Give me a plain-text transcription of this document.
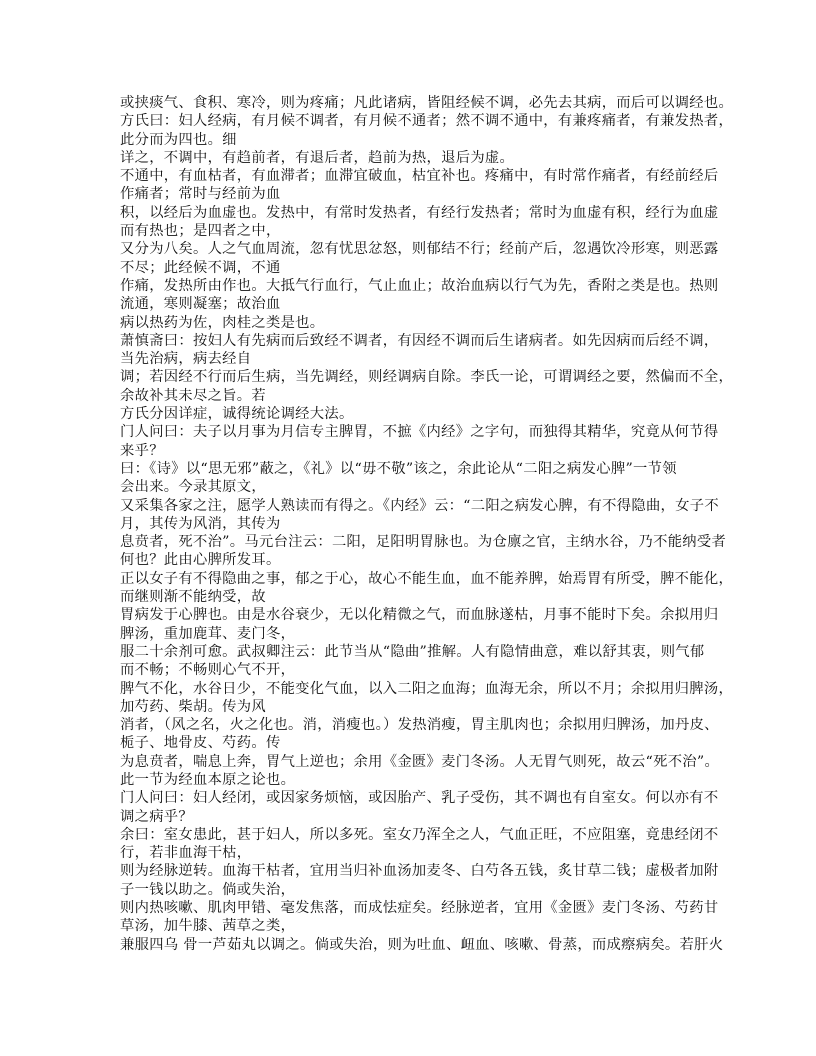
或挟痰气、食积、寒冷，则为疼痛；凡此诸病，皆阻经候不调，必先去其病，而后可以调经也。
方氏曰：妇人经病，有月候不调者，有月候不通者；然不调不通中，有兼疼痛者，有兼发热者，
此分而为四也。细
详之，不调中，有趋前者，有退后者，趋前为热，退后为虚。
不通中，有血枯者，有血滞者；血滞宜破血，枯宜补也。疼痛中，有时常作痛者，有经前经后
作痛者；常时与经前为血
积，以经后为血虚也。发热中，有常时发热者，有经行发热者；常时为血虚有积，经行为血虚
而有热也；是四者之中，
又分为八矣。人之气血周流，忽有忧思忿怒，则郁结不行；经前产后，忽遇饮冷形寒，则恶露
不尽；此经候不调，不通
作痛，发热所由作也。大抵气行血行，气止血止；故治血病以行气为先，香附之类是也。热则
流通，寒则凝塞；故治血
病以热药为佐，肉桂之类是也。
萧慎斋曰：按妇人有先病而后致经不调者，有因经不调而后生诸病者。如先因病而后经不调，
当先治病，病去经自
调；若因经不行而后生病，当先调经，则经调病自除。李氏一论，可谓调经之要，然偏而不全，
余故补其未尽之旨。若
方氏分因详症，诚得统论调经大法。
门人问曰：夫子以月事为月信专主脾胃，不摭《内经》之字句，而独得其精华，究竟从何节得
来乎？
曰：《诗》以“思无邪”蔽之，《礼》以“毋不敬”该之，余此论从“二阳之病发心脾”一节领
会出来。今录其原文，
又采集各家之注，愿学人熟读而有得之。《内经》云：“二阳之病发心脾，有不得隐曲，女子不
月，其传为风消，其传为
息贲者，死不治”。马元台注云：二阳，足阳明胃脉也。为仓廪之官，主纳水谷，乃不能纳受者
何也？此由心脾所发耳。
正以女子有不得隐曲之事，郁之于心，故心不能生血，血不能养脾，始焉胃有所受，脾不能化，
而继则渐不能纳受，故
胃病发于心脾也。由是水谷衰少，无以化精微之气，而血脉遂枯，月事不能时下矣。余拟用归
脾汤，重加鹿茸、麦门冬，
服二十余剂可愈。武叔卿注云：此节当从“隐曲”推解。人有隐情曲意，难以舒其衷，则气郁
而不畅；不畅则心气不开，
脾气不化，水谷日少，不能变化气血，以入二阳之血海；血海无余，所以不月；余拟用归脾汤，
加芍药、柴胡。传为风
消者，（风之名，火之化也。消，消瘦也。）发热消瘦，胃主肌肉也；余拟用归脾汤，加丹皮、
栀子、地骨皮、芍药。传
为息贲者，喘息上奔，胃气上逆也；余用《金匮》麦门冬汤。人无胃气则死，故云“死不治”。
此一节为经血本原之论也。
门人问曰：妇人经闭，或因家务烦恼，或因胎产、乳子受伤，其不调也有自室女。何以亦有不
调之病乎？
余曰：室女患此，甚于妇人，所以多死。室女乃浑全之人，气血正旺，不应阻塞，竟患经闭不
行，若非血海干枯，
则为经脉逆转。血海干枯者，宜用当归补血汤加麦冬、白芍各五钱，炙甘草二钱；虚极者加附
子一钱以助之。倘或失治，
则内热咳嗽、肌肉甲错、毫发焦落，而成怯症矣。经脉逆者，宜用《金匮》麦门冬汤、芍药甘
草汤，加牛膝、茜草之类，
兼服四乌 骨一芦茹丸以调之。倘或失治，则为吐血、衄血、咳嗽、骨蒸，而成瘵病矣。若肝火
